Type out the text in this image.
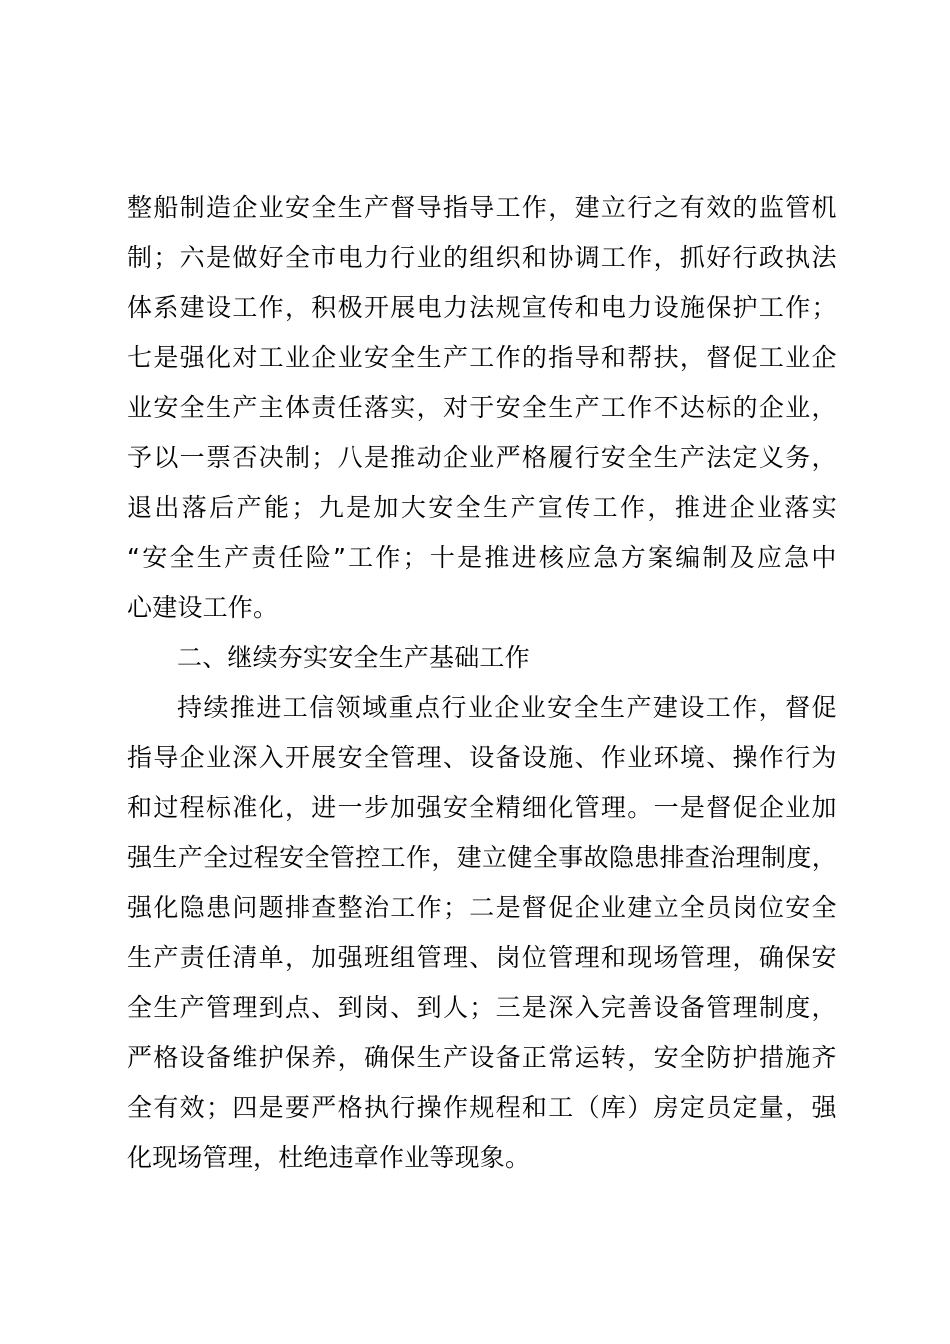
整 船 制 造 企 业 安 全 生 产 督 导 指 导 工 作 ， 建 立 行 之 有 效 的 监 管 机
制 ； 六 是 做 好 全 市 电 力 行 业 的 组 织 和 协 调 工 作 ， 抓 好 行 政 执 法
体 系 建 设 工 作 ， 积 极 开 展 电 力 法 规 宣 传 和 电 力 设 施 保 护 工 作 ；
七 是 强 化 对 工 业 企 业 安 全 生 产 工 作 的 指 导 和 帮 扶 ， 督 促 工 业 企
业 安 全 生 产 主 体 责 任 落 实 ， 对 于 安 全 生 产 工 作 不 达 标 的 企 业 ，
予 以 一 票 否 决 制 ； 八 是 推 动 企 业 严 格 履 行 安 全 生 产 法 定 义 务 ，
退 出 落 后 产 能 ； 九 是 加 大 安 全 生 产 宣 传 工 作 ， 推 进 企 业 落 实
“ 安 全 生 产 责 任 险 ” 工 作 ； 十 是 推 进 核 应 急 方 案 编 制 及 应 急 中
心建设工作。
二、继续夯实安全生产基础工作
持 续 推 进 工 信 领 域 重 点 行 业 企 业 安 全 生 产 建 设 工 作 ， 督 促
指 导 企 业 深 入 开 展 安 全 管 理 、 设 备 设 施 、 作 业 环 境 、 操 作 行 为
和 过 程 标 准 化 ， 进 一 步 加 强 安 全 精 细 化 管 理 。 一 是 督 促 企 业 加
强 生 产 全 过 程 安 全 管 控 工 作 ， 建 立 健 全 事 故 隐 患 排 查 治 理 制 度 ，
强 化 隐 患 问 题 排 查 整 治 工 作 ； 二 是 督 促 企 业 建 立 全 员 岗 位 安 全
生 产 责 任 清 单 ， 加 强 班 组 管 理 、 岗 位 管 理 和 现 场 管 理 ， 确 保 安
全 生 产 管 理 到 点 、 到 岗 、 到 人 ； 三 是 深 入 完 善 设 备 管 理 制 度 ，
严 格 设 备 维 护 保 养 ， 确 保 生 产 设 备 正 常 运 转 ， 安 全 防 护 措 施 齐
全 有 效 ； 四 是 要 严 格 执 行 操 作 规 程 和 工 （ 库 ） 房 定 员 定 量 ， 强
化现场管理，杜绝违章作业等现象。
